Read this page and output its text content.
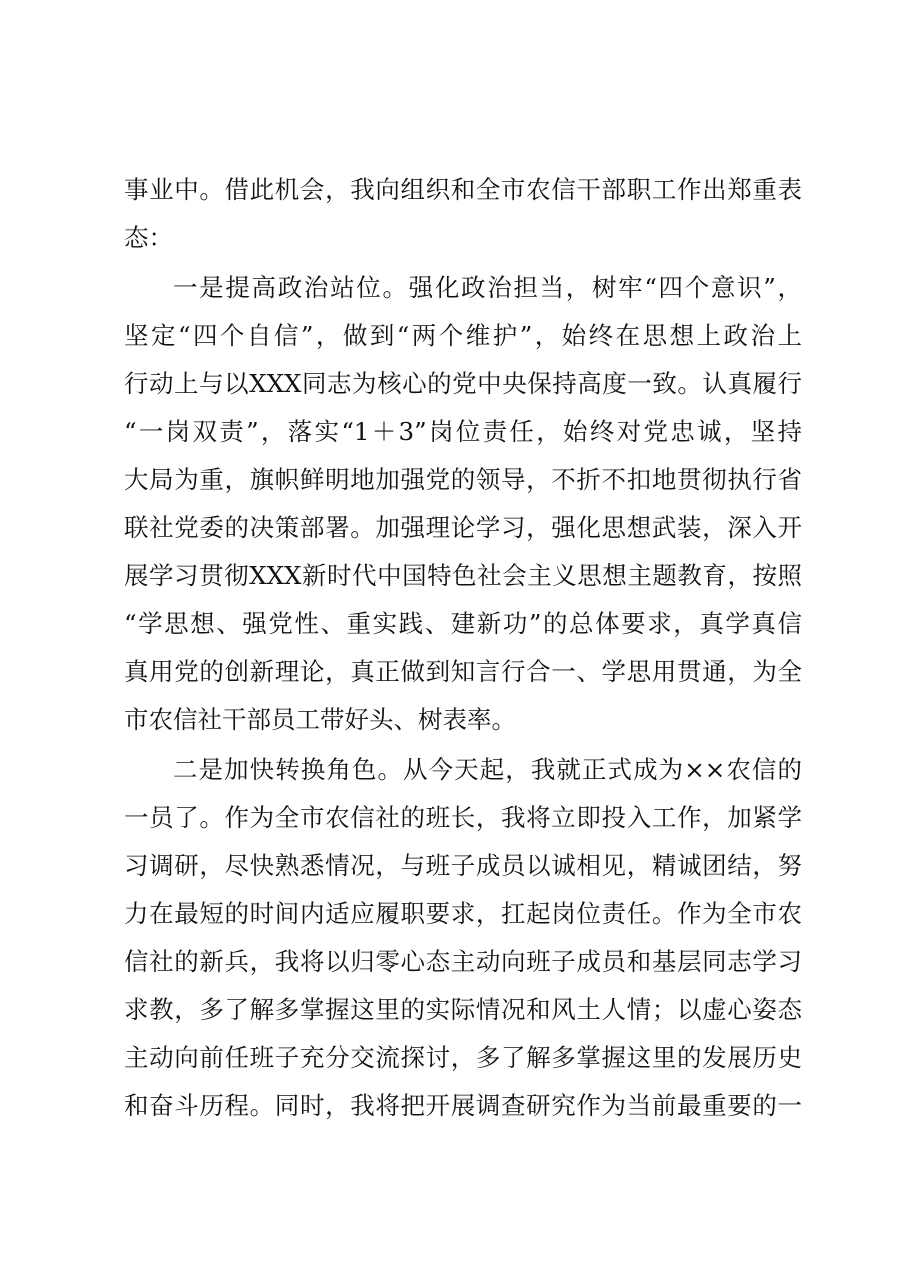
事业中。借此机会，我向组织和全市农信干部职工作出郑重表
态：
一是提高政治站位。强化政治担当，树牢“四个意识”，
坚定“四个自信”，做到“两个维护”，始终在思想上政治上
行动上与以XXX同志为核心的党中央保持高度一致。认真履行
“一岗双责”，落实“1＋3”岗位责任，始终对党忠诚，坚持
大局为重，旗帜鲜明地加强党的领导，不折不扣地贯彻执行省
联社党委的决策部署。加强理论学习，强化思想武装，深入开
展学习贯彻XXX新时代中国特色社会主义思想主题教育，按照
“学思想、强党性、重实践、建新功”的总体要求，真学真信
真用党的创新理论，真正做到知言行合一、学思用贯通，为全
市农信社干部员工带好头、树表率。
二是加快转换角色。从今天起，我就正式成为××农信的
一员了。作为全市农信社的班长，我将立即投入工作，加紧学
习调研，尽快熟悉情况，与班子成员以诚相见，精诚团结，努
力在最短的时间内适应履职要求，扛起岗位责任。作为全市农
信社的新兵，我将以归零心态主动向班子成员和基层同志学习
求教，多了解多掌握这里的实际情况和风土人情；以虚心姿态
主动向前任班子充分交流探讨，多了解多掌握这里的发展历史
和奋斗历程。同时，我将把开展调查研究作为当前最重要的一
